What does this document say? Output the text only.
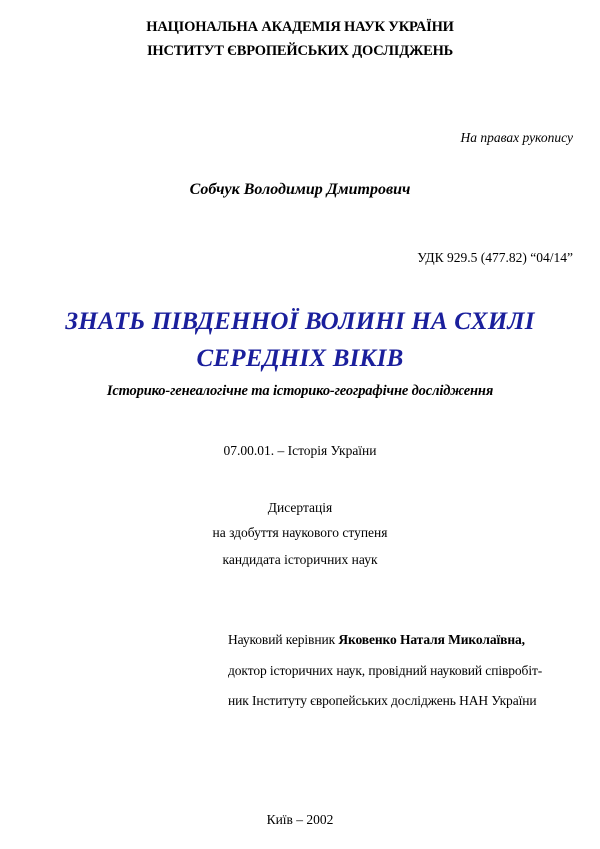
НАЦІОНАЛЬНА АКАДЕМІЯ НАУК УКРАЇНИ
ІНСТИТУТ ЄВРОПЕЙСЬКИХ ДОСЛІДЖЕНЬ
На правах рукопису
Собчук Володимир Дмитрович
УДК 929.5 (477.82) “04/14”
ЗНАТЬ ПІВДЕННОЇ ВОЛИНІ НА СХИЛІ
СЕРЕДНІХ ВІКІВ
Історико-генеалогічне та історико-географічне дослідження
07.00.01. – Історія України
Дисертація
на здобуття наукового ступеня
кандидата історичних наук
Науковий керівник Яковенко Наталя Миколаївна,
доктор історичних наук, провідний науковий співробіт-
ник Інституту європейських досліджень НАН України
Київ – 2002
